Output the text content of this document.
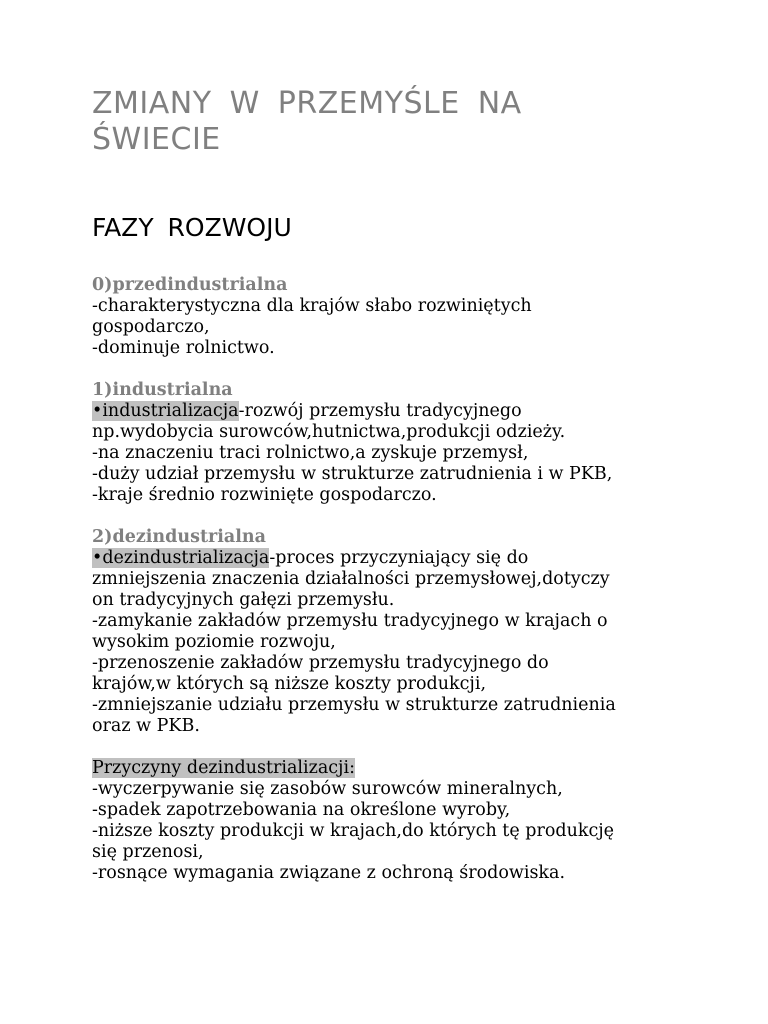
ZMIANY W PRZEMYŚLE NA
ŚWIECIE
FAZY ROZWOJU
0)przedindustrialna
-charakterystyczna dla krajów słabo rozwiniętych
gospodarczo,
-dominuje rolnictwo.
1)industrialna
•industrializacja-rozwój przemysłu tradycyjnego
np.wydobycia surowców,hutnictwa,produkcji odzieży.
-na znaczeniu traci rolnictwo,a zyskuje przemysł,
-duży udział przemysłu w strukturze zatrudnienia i w PKB,
-kraje średnio rozwinięte gospodarczo.
2)dezindustrialna
•dezindustrializacja-proces przyczyniający się do
zmniejszenia znaczenia działalności przemysłowej,dotyczy
on tradycyjnych gałęzi przemysłu.
-zamykanie zakładów przemysłu tradycyjnego w krajach o
wysokim poziomie rozwoju,
-przenoszenie zakładów przemysłu tradycyjnego do
krajów,w których są niższe koszty produkcji,
-zmniejszanie udziału przemysłu w strukturze zatrudnienia
oraz w PKB.
Przyczyny dezindustrializacji:
-wyczerpywanie się zasobów surowców mineralnych,
-spadek zapotrzebowania na określone wyroby,
-niższe koszty produkcji w krajach,do których tę produkcję
się przenosi,
-rosnące wymagania związane z ochroną środowiska.
